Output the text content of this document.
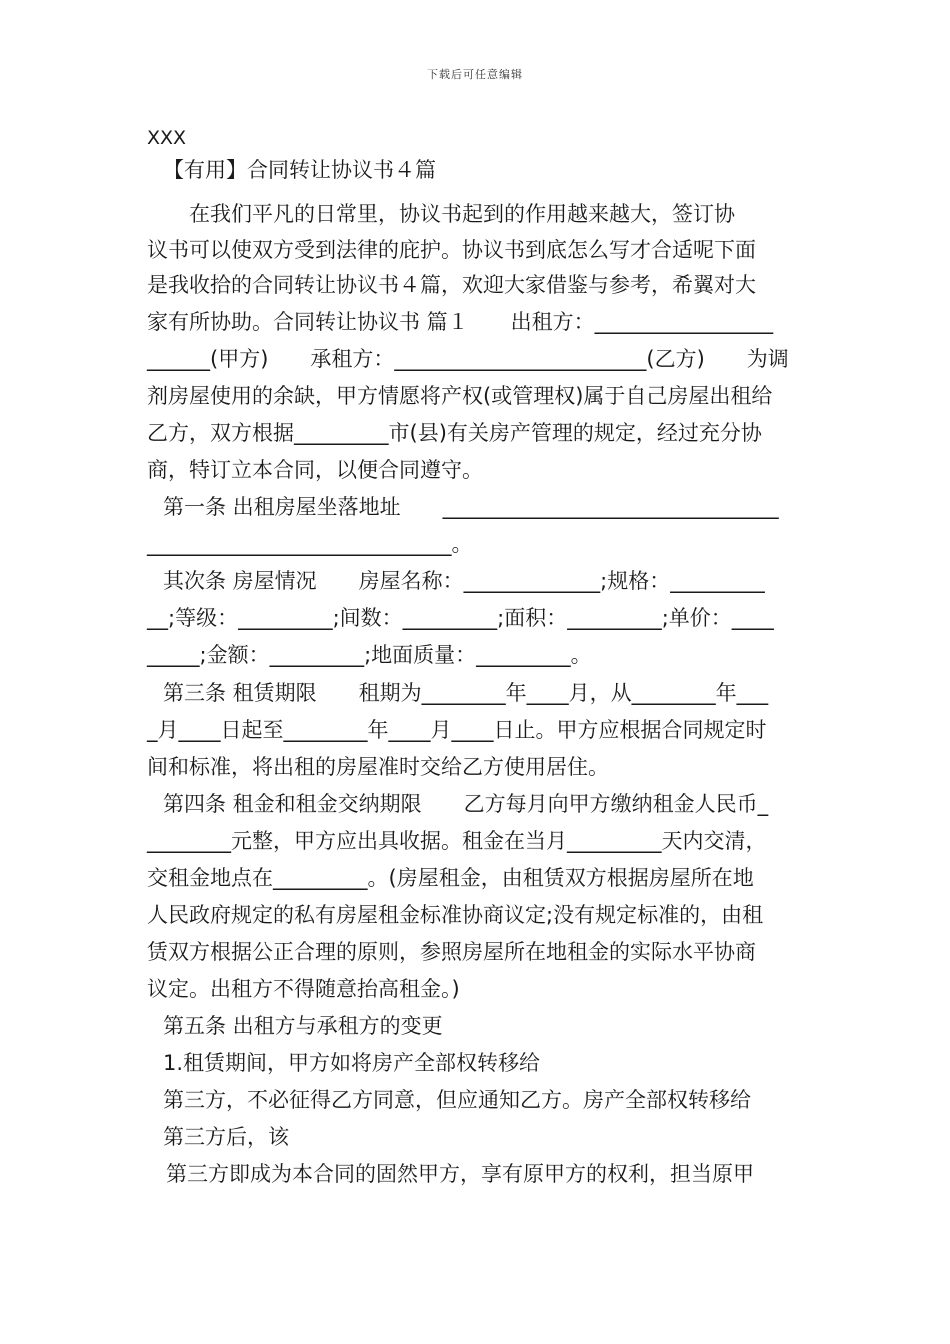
下载后可任意编辑
XXX
【有用】合同转让协议书４篇
　　在我们平凡的日常里，协议书起到的作用越来越大，签订协
议书可以使双方受到法律的庇护。协议书到底怎么写才合适呢下面
是我收拾的合同转让协议书４篇，欢迎大家借鉴与参考，希翼对大
家有所协助。合同转让协议书 篇１　　出租方：_________________
______(甲方)　　承租方：________________________(乙方)　　为调
剂房屋使用的余缺，甲方情愿将产权(或管理权)属于自己房屋出租给
乙方，双方根据_________市(县)有关房产管理的规定，经过充分协
商，特订立本合同，以便合同遵守。
第一条 出租房屋坐落地址　　________________________________
_____________________________。
其次条 房屋情况　　房屋名称：_____________;规格：_________
__;等级：_________;间数：_________;面积：_________;单价：____
_____;金额：_________;地面质量：_________。
第三条 租赁期限　　租期为________年____月，从________年___
_月____日起至________年____月____日止。甲方应根据合同规定时
间和标准，将出租的房屋准时交给乙方使用居住。
第四条 租金和租金交纳期限　　乙方每月向甲方缴纳租金人民币_
________元整，甲方应出具收据。租金在当月_________天内交清，
交租金地点在_________。(房屋租金，由租赁双方根据房屋所在地
人民政府规定的私有房屋租金标准协商议定;没有规定标准的，由租
赁双方根据公正合理的原则，参照房屋所在地租金的实际水平协商
议定。出租方不得随意抬高租金。)
第五条 出租方与承租方的变更
1.租赁期间，甲方如将房产全部权转移给
第三方，不必征得乙方同意，但应通知乙方。房产全部权转移给
第三方后，该
第三方即成为本合同的固然甲方，享有原甲方的权利，担当原甲
